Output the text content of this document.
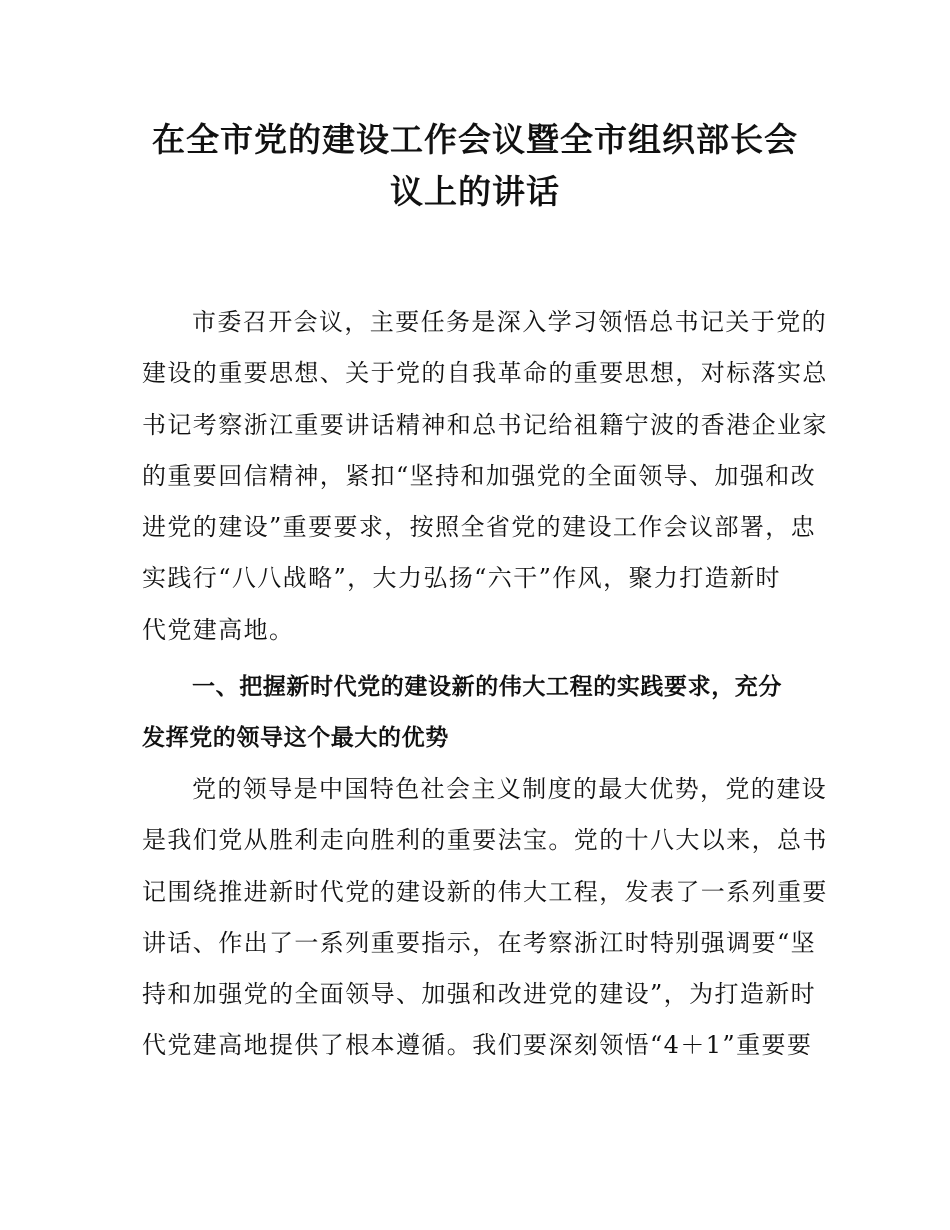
在全市党的建设工作会议暨全市组织部长会
议上的讲话

市委召开会议，主要任务是深入学习领悟总书记关于党的
建设的重要思想、关于党的自我革命的重要思想，对标落实总
书记考察浙江重要讲话精神和总书记给祖籍宁波的香港企业家
的重要回信精神，紧扣“坚持和加强党的全面领导、加强和改
进党的建设”重要要求，按照全省党的建设工作会议部署，忠
实践行“八八战略”，大力弘扬“六干”作风，聚力打造新时
代党建高地。

一、把握新时代党的建设新的伟大工程的实践要求，充分
发挥党的领导这个最大的优势

党的领导是中国特色社会主义制度的最大优势，党的建设
是我们党从胜利走向胜利的重要法宝。党的十八大以来，总书
记围绕推进新时代党的建设新的伟大工程，发表了一系列重要
讲话、作出了一系列重要指示，在考察浙江时特别强调要“坚
持和加强党的全面领导、加强和改进党的建设”，为打造新时
代党建高地提供了根本遵循。我们要深刻领悟“4＋1”重要要
